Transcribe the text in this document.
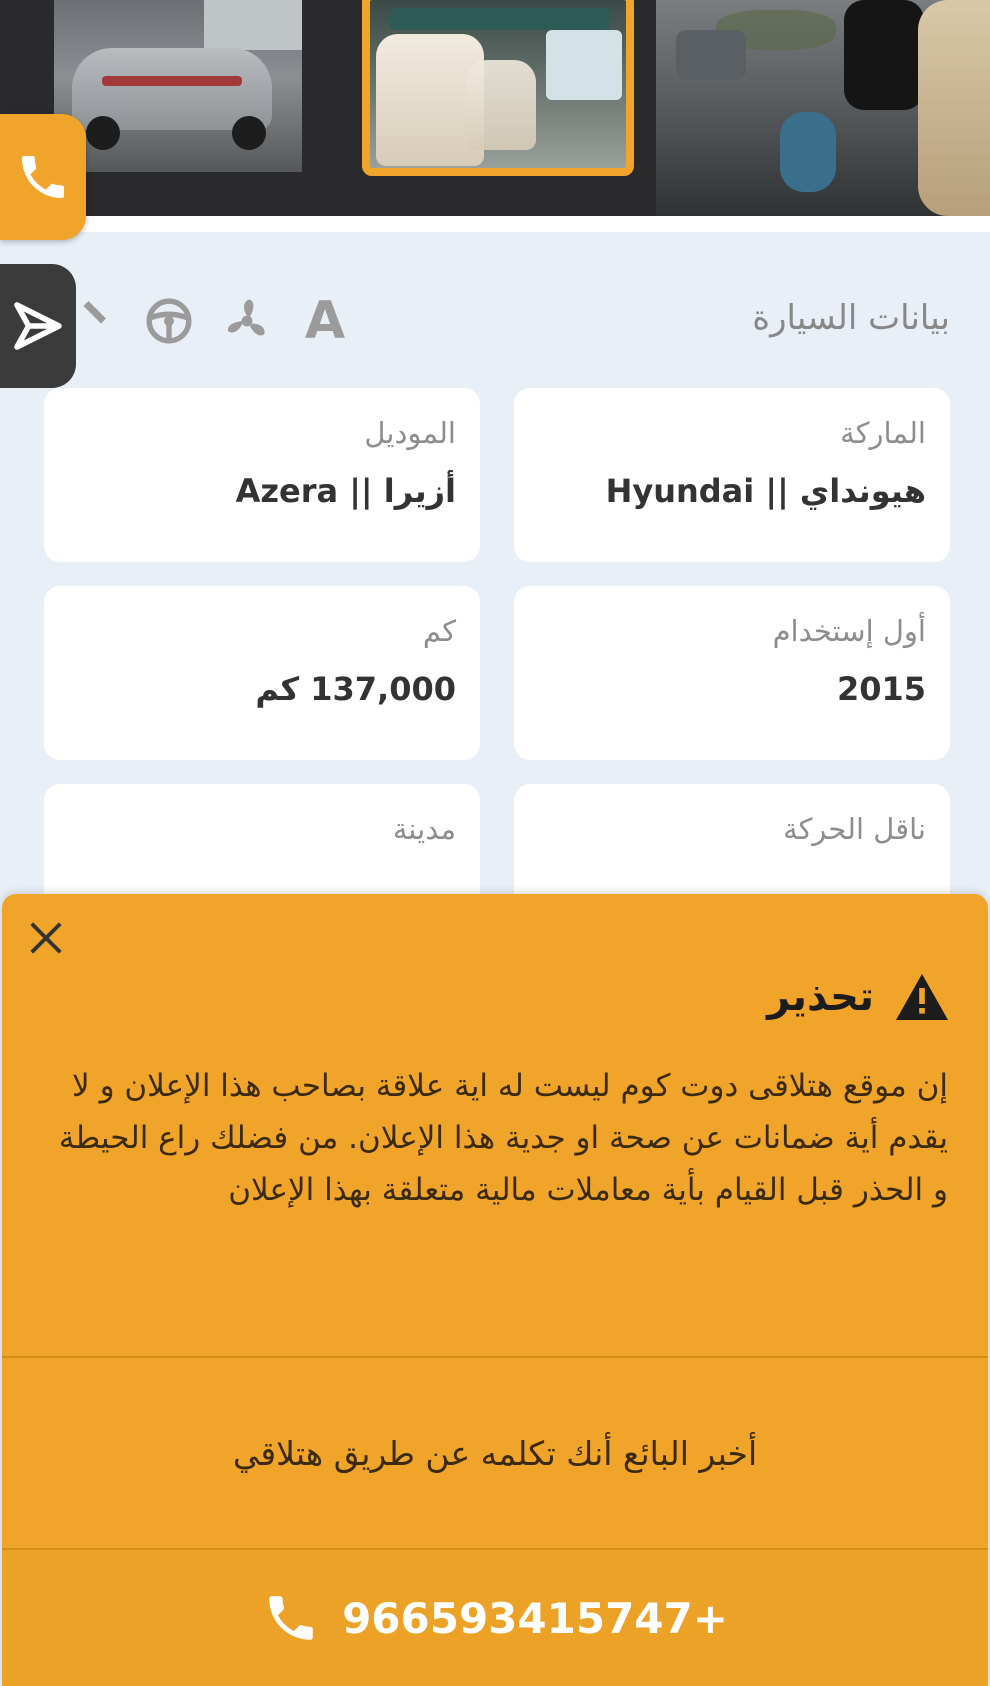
بيانات السيارة
A
الماركة
هيونداي || Hyundai
الموديل
أزيرا || Azera
أول إستخدام
2015
كم
137,000 كم
ناقل الحركة
مدينة
تحذير

إن موقع هتلاقى دوت كوم ليست له اية علاقة بصاحب هذا الإعلان و لا يقدم أية ضمانات عن صحة او جدية هذا الإعلان. من فضلك راع الحيطة و الحذر قبل القيام بأية معاملات مالية متعلقة بهذا الإعلان

أخبر البائع أنك تكلمه عن طريق هتلاقي
966593415747+
